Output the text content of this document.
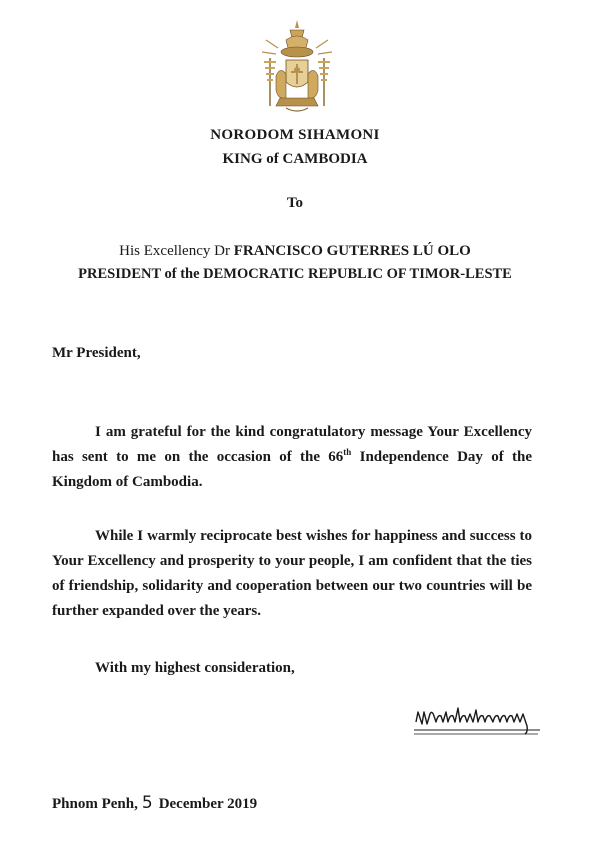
NORODOM SIHAMONI
KING of CAMBODIA
To
His Excellency Dr FRANCISCO GUTERRES LÚ OLO
PRESIDENT of the DEMOCRATIC REPUBLIC OF TIMOR-LESTE
Mr President,
I am grateful for the kind congratulatory message Your Excellency has sent to me on the occasion of the 66th Independence Day of the Kingdom of Cambodia.
While I warmly reciprocate best wishes for happiness and success to Your Excellency and prosperity to your people, I am confident that the ties of friendship, solidarity and cooperation between our two countries will be further expanded over the years.
With my highest consideration,
Phnom Penh, 5 December 2019
